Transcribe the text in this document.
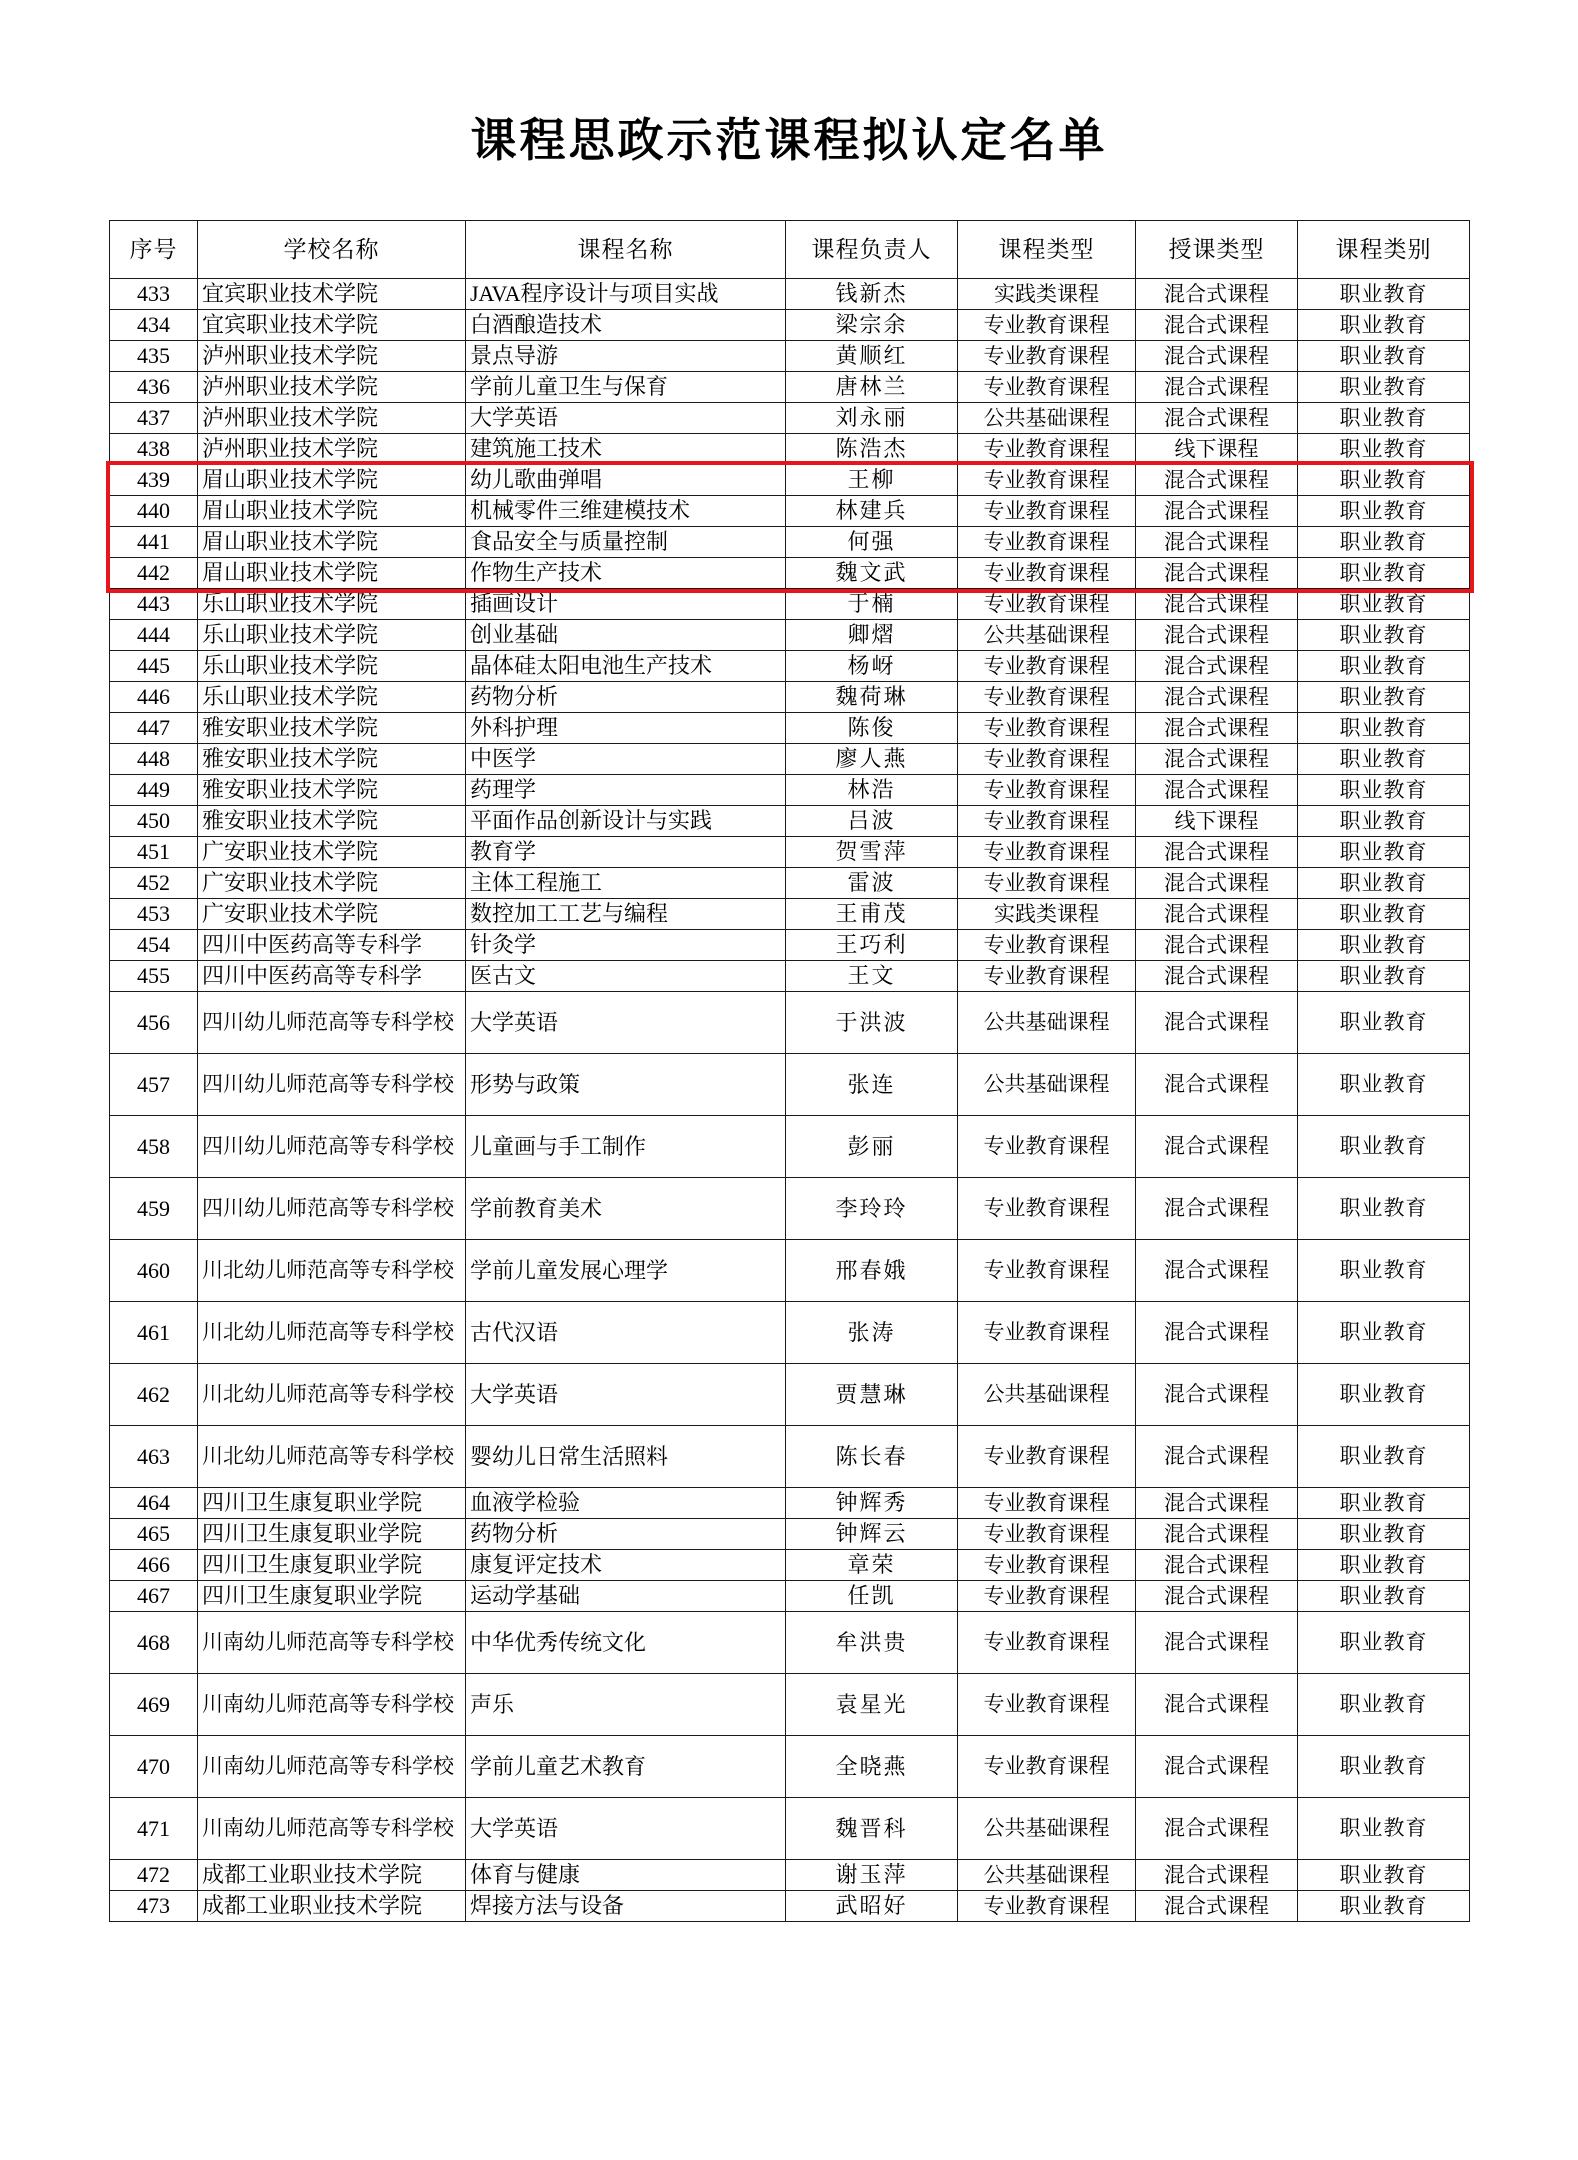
课程思政示范课程拟认定名单
序号	学校名称	课程名称	课程负责人	课程类型	授课类型	课程类别
433	宜宾职业技术学院	JAVA程序设计与项目实战	钱新杰	实践类课程	混合式课程	职业教育
434	宜宾职业技术学院	白酒酿造技术	梁宗余	专业教育课程	混合式课程	职业教育
435	泸州职业技术学院	景点导游	黄顺红	专业教育课程	混合式课程	职业教育
436	泸州职业技术学院	学前儿童卫生与保育	唐林兰	专业教育课程	混合式课程	职业教育
437	泸州职业技术学院	大学英语	刘永丽	公共基础课程	混合式课程	职业教育
438	泸州职业技术学院	建筑施工技术	陈浩杰	专业教育课程	线下课程	职业教育
439	眉山职业技术学院	幼儿歌曲弹唱	王柳	专业教育课程	混合式课程	职业教育
440	眉山职业技术学院	机械零件三维建模技术	林建兵	专业教育课程	混合式课程	职业教育
441	眉山职业技术学院	食品安全与质量控制	何强	专业教育课程	混合式课程	职业教育
442	眉山职业技术学院	作物生产技术	魏文武	专业教育课程	混合式课程	职业教育
443	乐山职业技术学院	插画设计	于楠	专业教育课程	混合式课程	职业教育
444	乐山职业技术学院	创业基础	卿熠	公共基础课程	混合式课程	职业教育
445	乐山职业技术学院	晶体硅太阳电池生产技术	杨岈	专业教育课程	混合式课程	职业教育
446	乐山职业技术学院	药物分析	魏荷琳	专业教育课程	混合式课程	职业教育
447	雅安职业技术学院	外科护理	陈俊	专业教育课程	混合式课程	职业教育
448	雅安职业技术学院	中医学	廖人燕	专业教育课程	混合式课程	职业教育
449	雅安职业技术学院	药理学	林浩	专业教育课程	混合式课程	职业教育
450	雅安职业技术学院	平面作品创新设计与实践	吕波	专业教育课程	线下课程	职业教育
451	广安职业技术学院	教育学	贺雪萍	专业教育课程	混合式课程	职业教育
452	广安职业技术学院	主体工程施工	雷波	专业教育课程	混合式课程	职业教育
453	广安职业技术学院	数控加工工艺与编程	王甫茂	实践类课程	混合式课程	职业教育
454	四川中医药高等专科学	针灸学	王巧利	专业教育课程	混合式课程	职业教育
455	四川中医药高等专科学	医古文	王文	专业教育课程	混合式课程	职业教育
456	四川幼儿师范高等专科学校	大学英语	于洪波	公共基础课程	混合式课程	职业教育
457	四川幼儿师范高等专科学校	形势与政策	张连	公共基础课程	混合式课程	职业教育
458	四川幼儿师范高等专科学校	儿童画与手工制作	彭丽	专业教育课程	混合式课程	职业教育
459	四川幼儿师范高等专科学校	学前教育美术	李玲玲	专业教育课程	混合式课程	职业教育
460	川北幼儿师范高等专科学校	学前儿童发展心理学	邢春娥	专业教育课程	混合式课程	职业教育
461	川北幼儿师范高等专科学校	古代汉语	张涛	专业教育课程	混合式课程	职业教育
462	川北幼儿师范高等专科学校	大学英语	贾慧琳	公共基础课程	混合式课程	职业教育
463	川北幼儿师范高等专科学校	婴幼儿日常生活照料	陈长春	专业教育课程	混合式课程	职业教育
464	四川卫生康复职业学院	血液学检验	钟辉秀	专业教育课程	混合式课程	职业教育
465	四川卫生康复职业学院	药物分析	钟辉云	专业教育课程	混合式课程	职业教育
466	四川卫生康复职业学院	康复评定技术	章荣	专业教育课程	混合式课程	职业教育
467	四川卫生康复职业学院	运动学基础	任凯	专业教育课程	混合式课程	职业教育
468	川南幼儿师范高等专科学校	中华优秀传统文化	牟洪贵	专业教育课程	混合式课程	职业教育
469	川南幼儿师范高等专科学校	声乐	袁星光	专业教育课程	混合式课程	职业教育
470	川南幼儿师范高等专科学校	学前儿童艺术教育	全晓燕	专业教育课程	混合式课程	职业教育
471	川南幼儿师范高等专科学校	大学英语	魏晋科	公共基础课程	混合式课程	职业教育
472	成都工业职业技术学院	体育与健康	谢玉萍	公共基础课程	混合式课程	职业教育
473	成都工业职业技术学院	焊接方法与设备	武昭好	专业教育课程	混合式课程	职业教育
